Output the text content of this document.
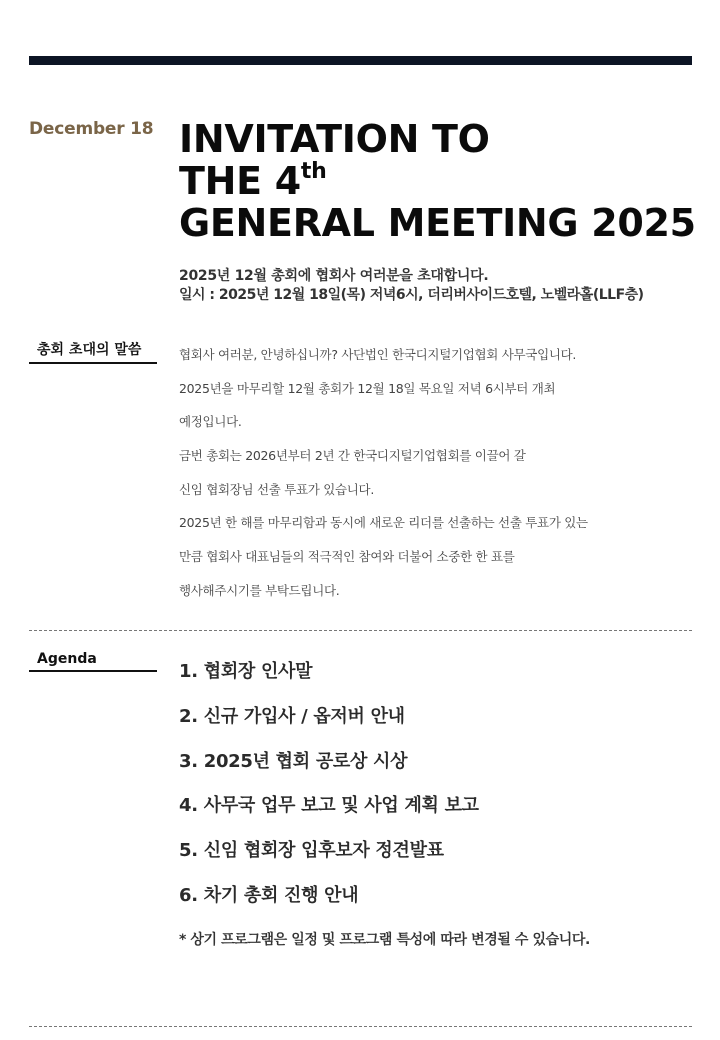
December 18 INVITATION TO
THE 4th
GENERAL MEETING 2025
2025년 12월 총회에 협회사 여러분을 초대합니다.
일시 : 2025년 12월 18일(목) 저녁6시, 더리버사이드호텔, 노벨라홀(LLF층)
총회 초대의 말씀	협회사 여러분, 안녕하십니까? 사단법인 한국디지털기업협회 사무국입니다.
2025년을 마무리할 12월 총회가 12월 18일 목요일 저녁 6시부터 개최
예정입니다.
금번 총회는 2026년부터 2년 간 한국디지털기업협회를 이끌어 갈
신임 협회장님 선출 투표가 있습니다.
2025년 한 해를 마무리함과 동시에 새로운 리더를 선출하는 선출 투표가 있는
만큼 협회사 대표님들의 적극적인 참여와 더불어 소중한 한 표를
행사해주시기를 부탁드립니다.
Agenda
1. 협회장 인사말
2. 신규 가입사 / 옵저버 안내
3. 2025년 협회 공로상 시상
4. 사무국 업무 보고 및 사업 계획 보고
5. 신임 협회장 입후보자 정견발표
6. 차기 총회 진행 안내
* 상기 프로그램은 일정 및 프로그램 특성에 따라 변경될 수 있습니다.
